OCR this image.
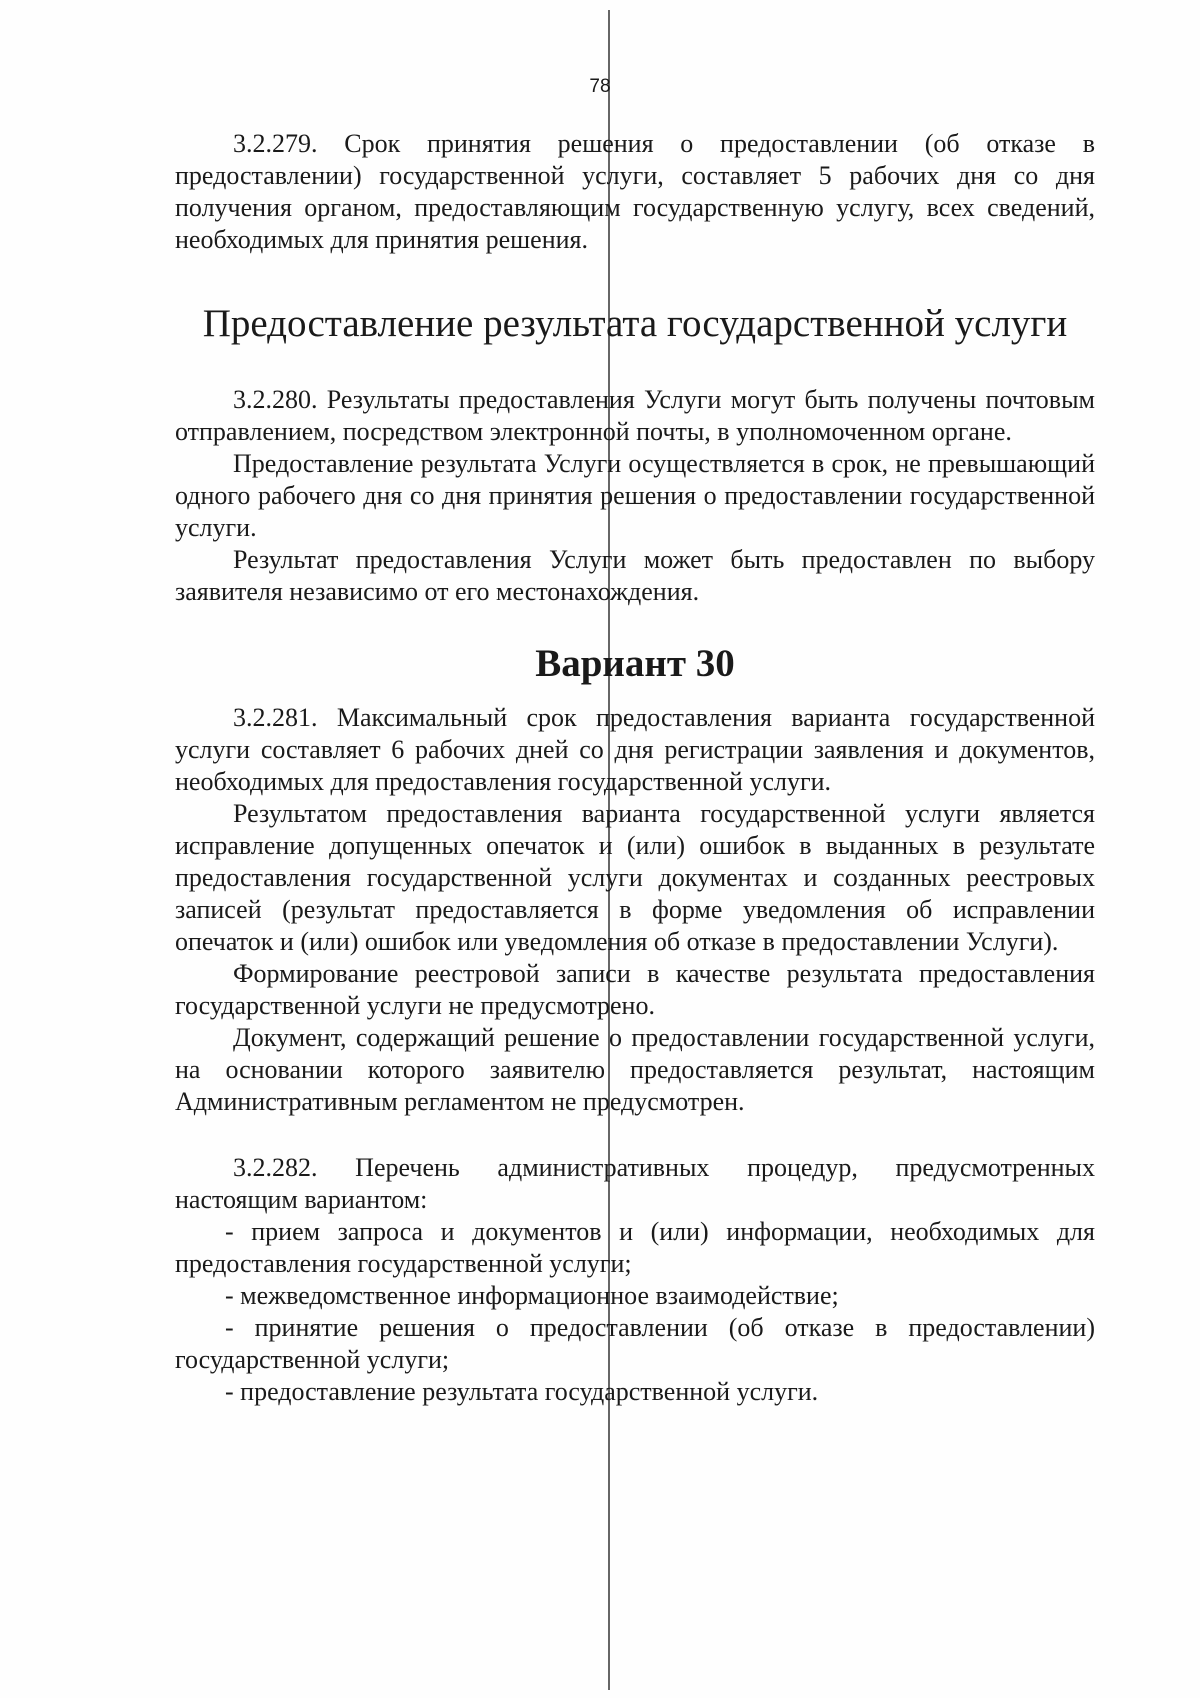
78

3.2.279. Срок принятия решения о предоставлении (об отказе в предоставлении) государственной услуги, составляет 5 рабочих дня со дня получения органом, предоставляющим государственную услугу, всех сведений, необходимых для принятия решения.

Предоставление результата государственной услуги

3.2.280. Результаты предоставления Услуги могут быть получены почтовым отправлением, посредством электронной почты, в уполномоченном органе.

Предоставление результата Услуги осуществляется в срок, не превышающий одного рабочего дня со дня принятия решения о предоставлении государственной услуги.

Результат предоставления Услуги может быть предоставлен по выбору заявителя независимо от его местонахождения.

Вариант 30

3.2.281. Максимальный срок предоставления варианта государственной услуги составляет 6 рабочих дней со дня регистрации заявления и документов, необходимых для предоставления государственной услуги.

Результатом предоставления варианта государственной услуги является исправление допущенных опечаток и (или) ошибок в выданных в результате предоставления государственной услуги документах и созданных реестровых записей (результат предоставляется в форме уведомления об исправлении опечаток и (или) ошибок или уведомления об отказе в предоставлении Услуги).

Формирование реестровой записи в качестве результата предоставления государственной услуги не предусмотрено.

Документ, содержащий решение о предоставлении государственной услуги, на основании которого заявителю предоставляется результат, настоящим Административным регламентом не предусмотрен.

3.2.282. Перечень административных процедур, предусмотренных настоящим вариантом:

- прием запроса и документов и (или) информации, необходимых для предоставления государственной услуги;

- межведомственное информационное взаимодействие;

- принятие решения о предоставлении (об отказе в предоставлении) государственной услуги;

- предоставление результата государственной услуги.
